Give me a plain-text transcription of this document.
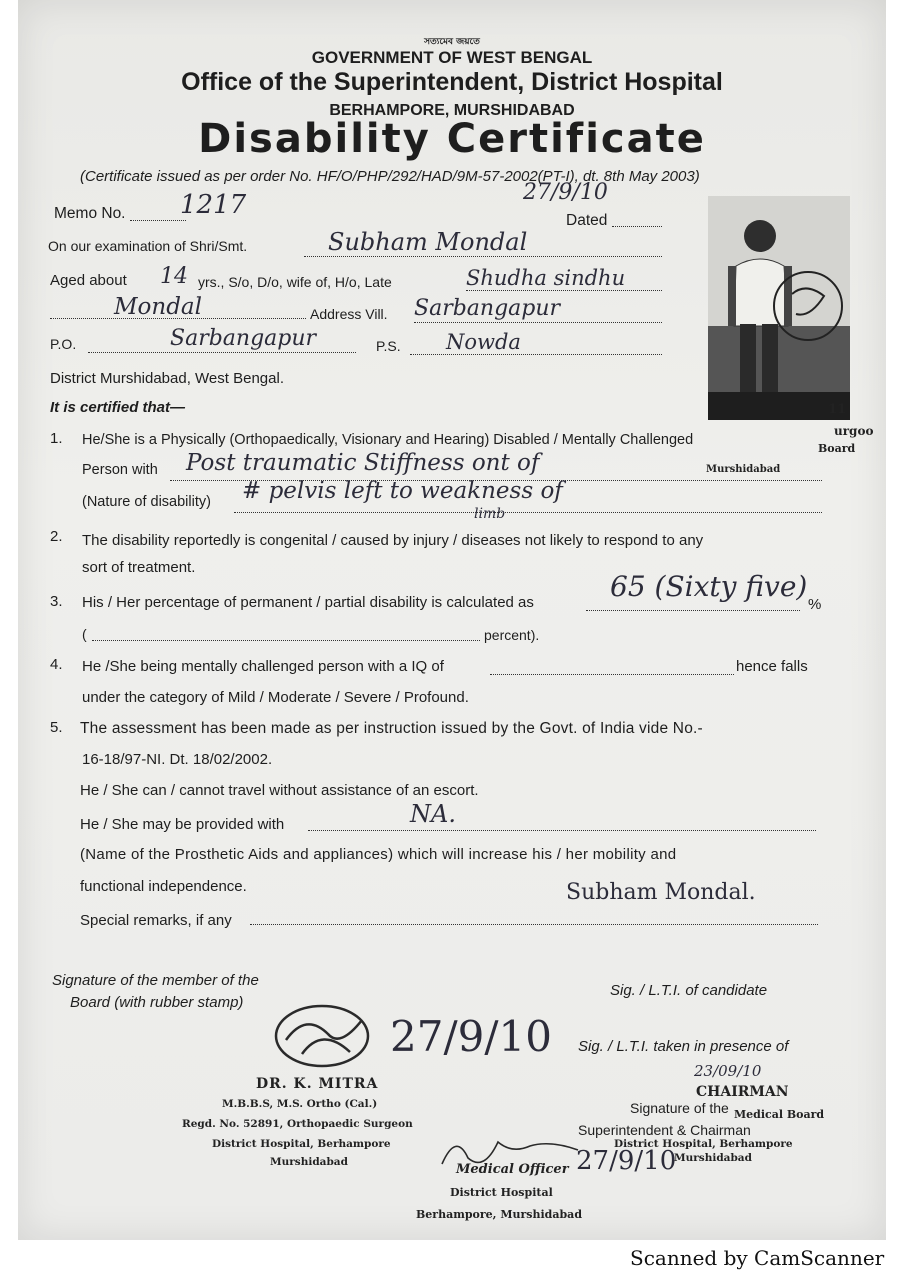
সত্যমেব জয়তে
GOVERNMENT OF WEST BENGAL
Office of the Superintendent, District Hospital
BERHAMPORE, MURSHIDABAD
Disability Certificate
(Certificate issued as per order No. HF/O/PHP/292/HAD/9M-57-2002(PT-I), dt. 8th May 2003)
11
urgoo
Board
Murshidabad
Memo No. 1217	27/9/10
Dated
On our examination of Shri/Smt.	Subham Mondal
Aged about 14 yrs., S/o, D/o, wife of, H/o, Late	Shudha sindhu
Mondal	Address Vill. Sarbangapur
P.O.	Sarbangapur	P.S. Nowda
District Murshidabad, West Bengal.
It is certified that—
1. He/She is a Physically (Orthopaedically, Visionary and Hearing) Disabled / Mentally Challenged
Person with Post traumatic Stiffness ont of
(Nature of disability) # pelvis left to weakness of
limb
2. The disability reportedly is congenital / caused by injury / diseases not likely to respond to any
sort of treatment.
3. His / Her percentage of permanent / partial disability is calculated as	65 (Sixty five)
%
(	percent).
4. He /She being mentally challenged person with a IQ of	hence falls
under the category of Mild / Moderate / Severe / Profound.
5. The assessment has been made as per instruction issued by the Govt. of India vide No.-
16-18/97-NI. Dt. 18/02/2002.
He / She can / cannot travel without assistance of an escort.
He / She may be provided with	NA.
(Name of the Prosthetic Aids and appliances) which will increase his / her mobility and
functional independence.	Subham Mondal.
Special remarks, if any
Signature of the member of the
Board (with rubber stamp)
27/9/10
DR. K. MITRA
M.B.B.S, M.S. Ortho (Cal.)
Regd. No. 52891, Orthopaedic Surgeon
District Hospital, Berhampore
Murshidabad
Sig. / L.T.I. of candidate
Sig. / L.T.I. taken in presence of
23/09/10
CHAIRMAN
Signature of the Medical Board
Superintendent & Chairman
District Hospital, Berhampore
Murshidabad
27/9/10
Medical Officer
District Hospital
Berhampore, Murshidabad
Scanned by CamScanner
